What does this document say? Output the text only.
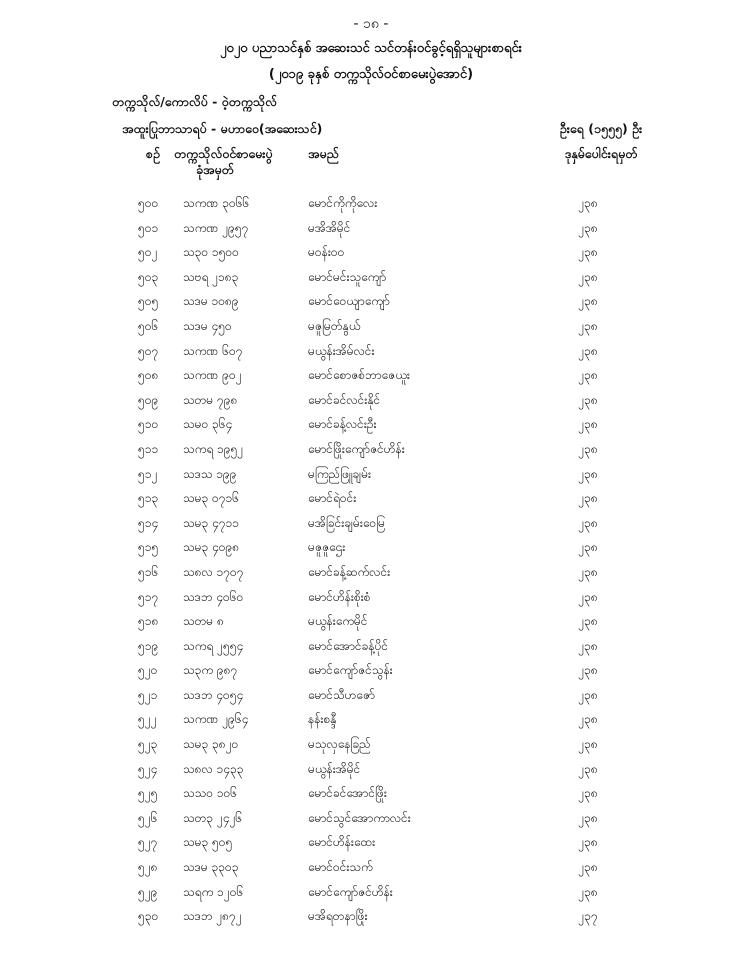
- ၁၈ -
၂၀၂၀ ပညာသင်နှစ် အဆေးသင် သင်တန်းဝင်ခွင့်ရရှိသူများစာရင်း
(၂၀၁၉ ခုနှစ် တက္ကသိုလ်ဝင်စာမေးပွဲအောင်)
တက္ကသိုလ်/ကောလိပ် - ဝဲ့တက္ကသိုလ်
အထူးပြုဘာသာရပ် - မဟာဝေ(အဆေးသင်)	ဦးရေ (၁၅၅၅) ဦး
စဉ် တက္ကသိုလ်ဝင်စာမေးပွဲ
ခုံအမှတ်
အမည်	ဒုနှမ်ပေါင်းရမှတ်
၅၀၀ သကဏ ၃၀၆၆	မောင်ကိုကိုလေး	၂၃၈
၅၀၁ သကဏ ၂၉၅၇	မအိအိမိုင်	၂၃၈
၅၀၂ သ၃၀ ၁၅၀၀	မ၀န်း၀၀	၂၃၈
၅၀၃ သဗရ ၂၁၈၃	မောင်မင်းသူကျော်	၂၃၈
၅၀၅ သဒမ ၁၀၈၉	မောင်ဝေယျာကျော်	၂၃၈
၅၀၆ သဒမ ၄၅၀	မဇူမြတ်နွယ်	၂၃၈
၅၀၇ သကဏ ၆၀၇	မယွန်းအိမ်လင်း	၂၃၈
၅၀၈ သကဏ ၉၀၂	မောင်စောဇစ်ဘာဇေယူး	၂၃၈
၅၀၉ သတမ ၇၉၈	မောင်ခင်လင်းနိုင်	၂၃၈
၅၁၀ သမ၀ ၃၆၄	မောင်ခန့်လင်းဦး	၂၃၈
၅၁၁ သကရ ၁၉၅၂	မောင်ဖြိုးကျော်ဇင်ဟိန်း	၂၃၈
၅၁၂ သဒသ ၁၉၉	မကြည်ဖြူချမ်း	၂၃၈
၅၁၃ သမ၃ ၀၇၁၆	မောင်ရဲဝင်း	၂၃၈
၅၁၄ သမ၃ ၄၇၁၁	မအိခြင်းချမ်းဝေမြ	၂၃၈
၅၁၅ သမ၃ ၄၀၉၈	မဇူဇူဌေး	၂၃၈
၅၁၆ သ၈လ ၁၇၀၇	မောင်ခန့်ဆက်လင်း	၂၃၈
၅၁၇ သဒဘ ၄၀၆၀	မောင်ဟိန်းစိုးစံ	၂၃၈
၅၁၈ သတမ ၈	မယွန်းကေမိုင်	၂၃၈
၅၁၉ သကရ ၂၅၅၄	မောင်အောင်ခန့်ပိုင်	၂၃၈
၅၂၀ သ၃က ၉၈၇	မောင်ကျော်ဇင်သွန်း	၂၃၈
၅၂၁ သဒဘ ၄၀၅၄	မောင်သီဟဇော်	၂၃၈
၅၂၂ သကဏ ၂၉၆၄	နန်းစန္ဒီ	၂၃၈
၅၂၃ သမ၃ ၃၈၂၀	မသုလှနေခြည်	၂၃၈
၅၂၄ သ၈လ ၁၄၃၃	မယွန်းအိမိုင်	၂၃၈
၅၂၅ သသ၀ ၁၀၆	မောင်ခင်အောင်ဖြိုး	၂၃၈
၅၂၆ သတ၃ ၂၄၂၆	မောင်သွင်အောကာလင်း	၂၃၈
၅၂၇ သမ၃ ၅၀၅	မောင်ဟိန်းထေး	၂၃၈
၅၂၈ သဒမ ၃၃၀၃	မောင်ဝင်းသက်	၂၃၈
၅၂၉ သရက ၁၂၀၆	မောင်ကျော်ဇင်ဟိန်း	၂၃၈
၅၃၀ သဒဘ ၂၈၇၂	မအိရတနာဖြိုး	၂၃၇
